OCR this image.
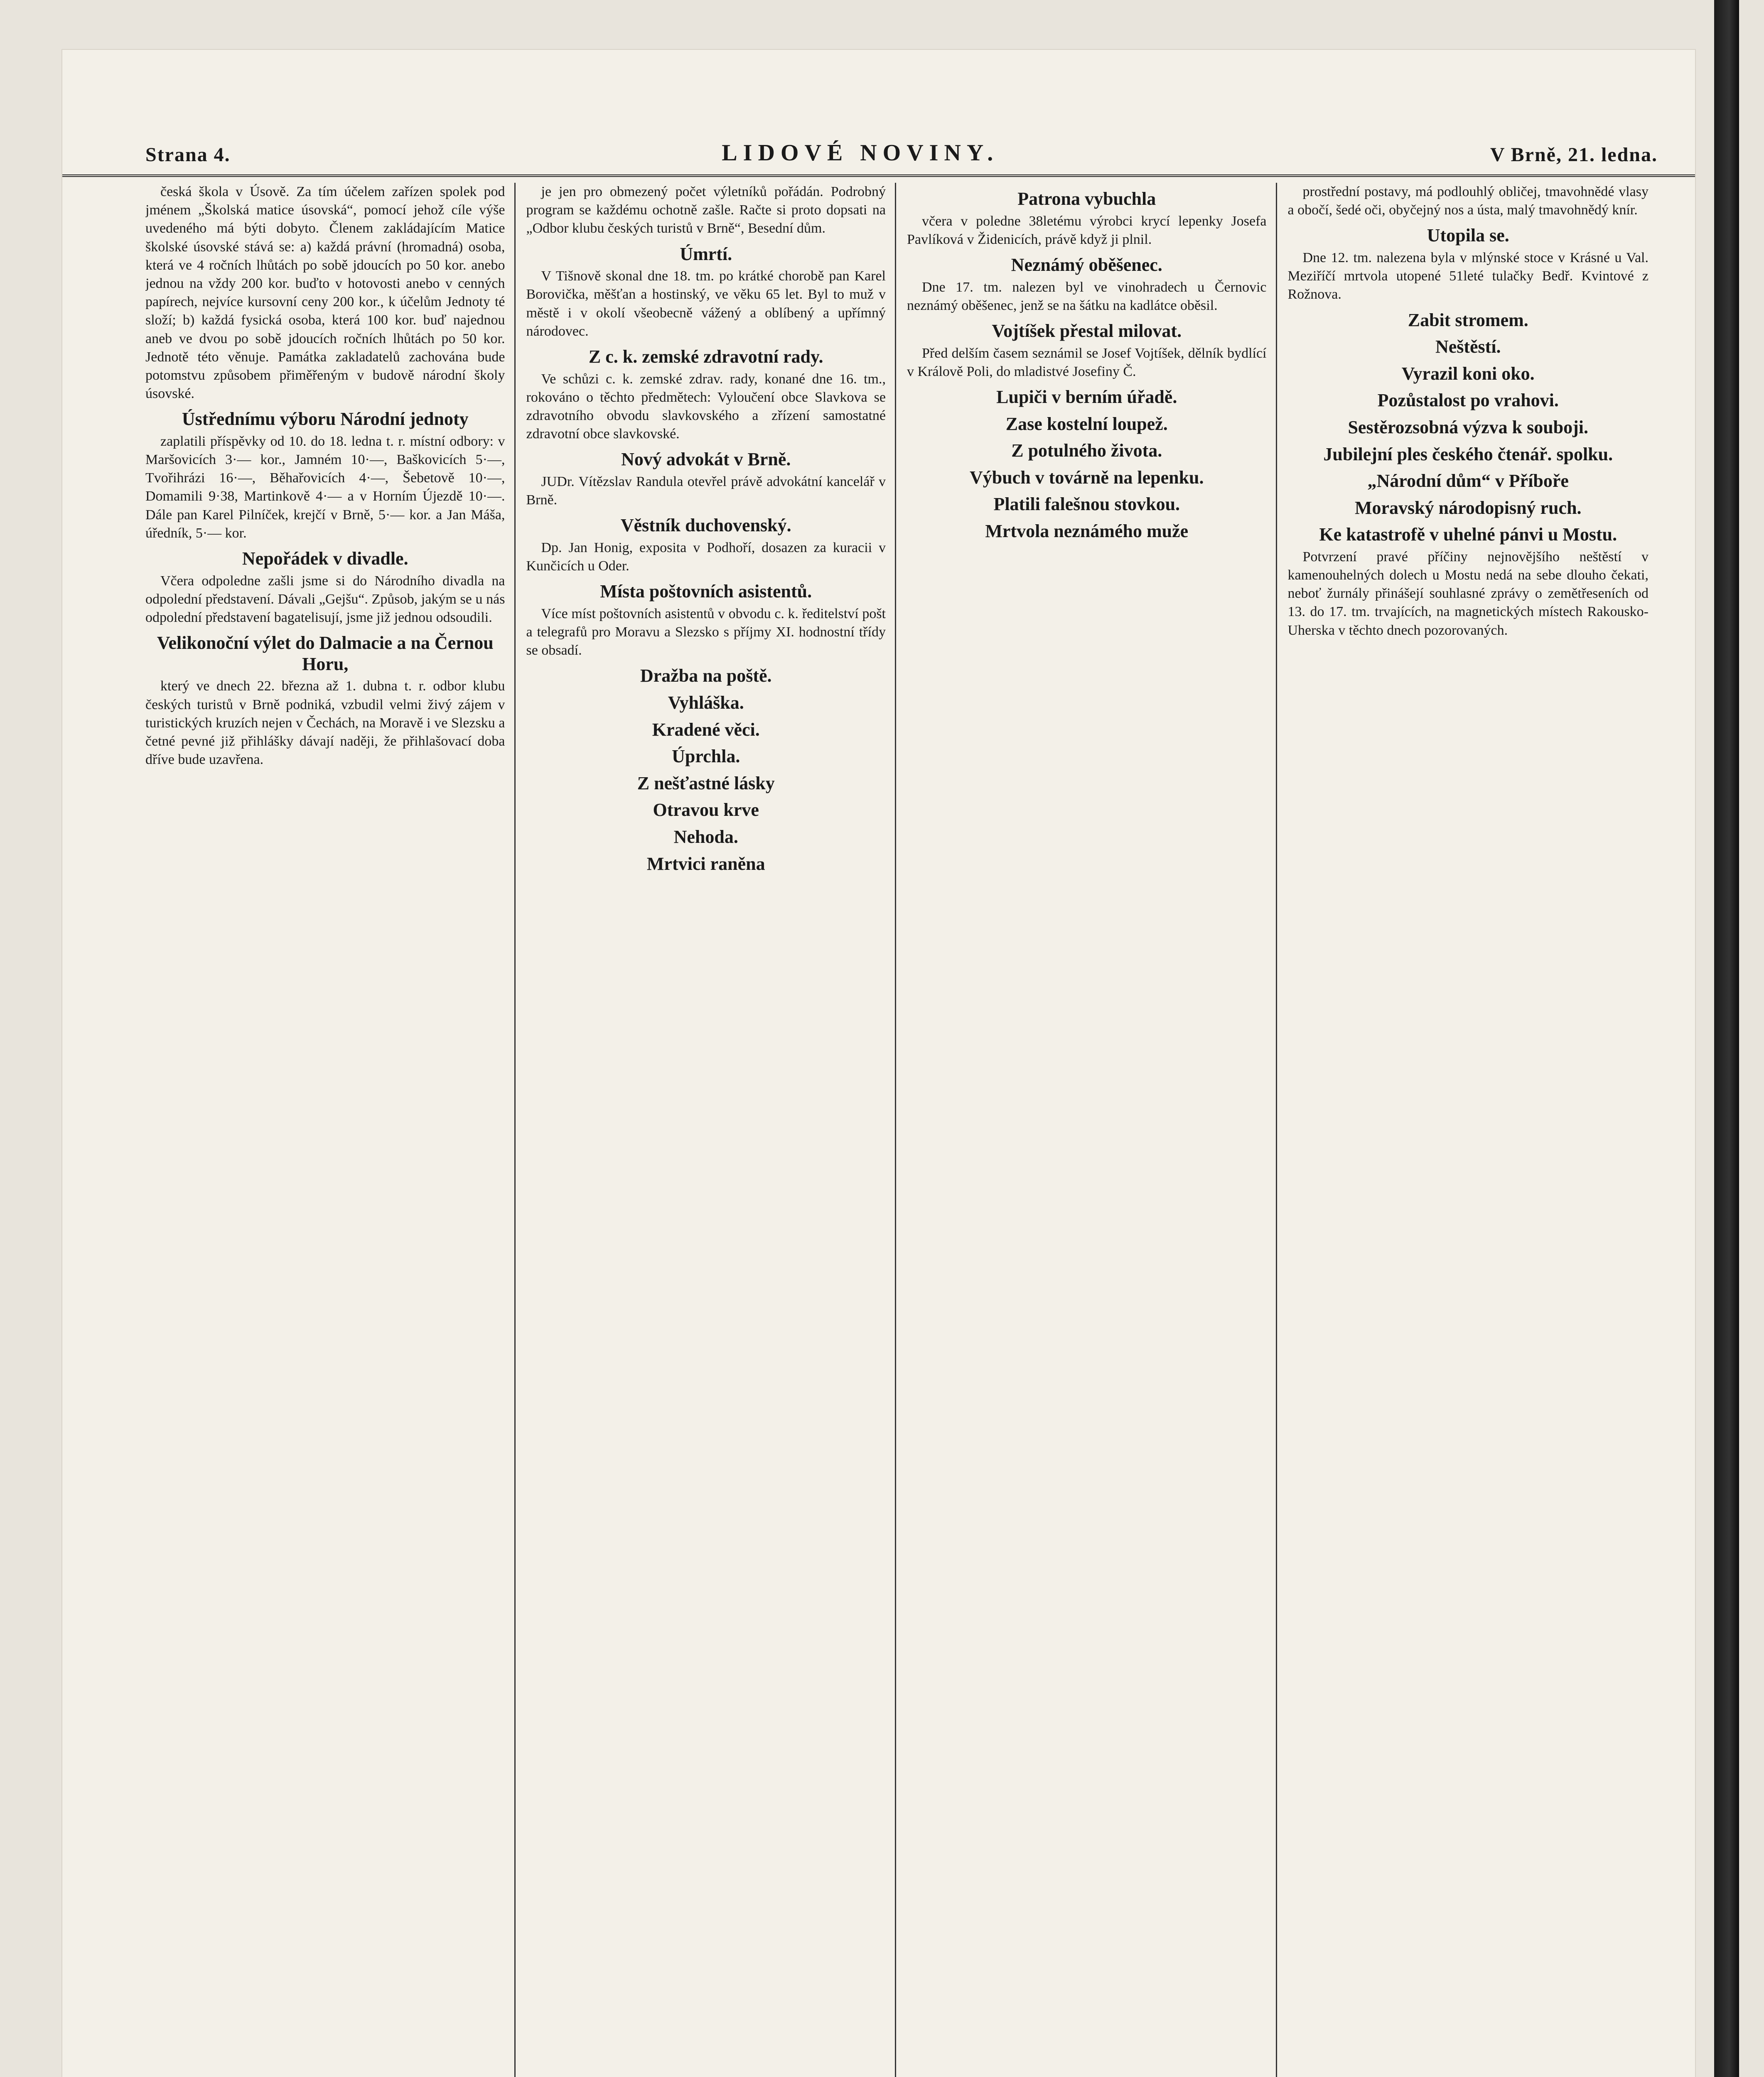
Strana 4.	LIDOVÉ NOVINY.	V Brně, 21. ledna.

česká škola v Úsově. Za tím účelem zařízen spolek pod jménem „Školská matice úsovská“, pomocí jehož cíle výše uvedeného má býti dobyto. Členem zakládajícím Matice školské úsovské stává se: a) každá právní (hromadná) osoba, která ve 4 ročních lhůtách po sobě jdoucích po 50 kor. anebo jednou na vždy 200 kor. buďto v hotovosti anebo v cenných papírech, nejvíce kursovní ceny 200 kor., k účelům Jednoty té složí; b) každá fysická osoba, která 100 kor. buď najednou aneb ve dvou po sobě jdoucích ročních lhůtách po 50 kor. Jednotě této věnuje. Památka zakladatelů zachována bude potomstvu způsobem přiměřeným v budově národní školy úsovské.

Ústřednímu výboru Národní jednoty

zaplatili příspěvky od 10. do 18. ledna t. r. místní odbory: v Maršovicích 3·— kor., Jamném 10·—, Baškovicích 5·—, Tvořihrázi 16·—, Běhařovicích 4·—, Šebetově 10·—, Domamili 9·38, Martinkově 4·— a v Horním Újezdě 10·—. Dále pan Karel Pilníček, krejčí v Brně, 5·— kor. a Jan Máša, úředník, 5·— kor.

Nepořádek v divadle.

Včera odpoledne zašli jsme si do Národního divadla na odpolední představení. Dávali „Gejšu“. Způsob, jakým se u nás odpolední představení bagatelisují, jsme již jednou odsoudili.

Velikonoční výlet do Dalmacie a na Černou Horu,

který ve dnech 22. března až 1. dubna t. r. odbor klubu českých turistů v Brně podniká, vzbudil velmi živý zájem v turistických kruzích nejen v Čechách, na Moravě i ve Slezsku a četné pevné již přihlášky dávají naději, že přihlašovací doba dříve bude uzavřena.

je jen pro obmezený počet výletníků pořádán. Podrobný program se každému ochotně zašle. Račte si proto dopsati na „Odbor klubu českých turistů v Brně“, Besední dům.

Úmrtí.

V Tišnově skonal dne 18. tm. po krátké chorobě pan Karel Borovička, měšťan a hostinský, ve věku 65 let. Byl to muž v městě i v okolí všeobecně vážený a oblíbený a upřímný národovec.

Z c. k. zemské zdravotní rady.

Ve schůzi c. k. zemské zdrav. rady, konané dne 16. tm., rokováno o těchto předmětech: Vyloučení obce Slavkova se zdravotního obvodu slavkovského a zřízení samostatné zdravotní obce slavkovské.

Nový advokát v Brně.

JUDr. Vítězslav Randula otevřel právě advokátní kancelář v Brně.

Věstník duchovenský.

Dp. Jan Honig, exposita v Podhoří, dosazen za kuracii v Kunčicích u Oder.

Místa poštovních asistentů.

Více míst poštovních asistentů v obvodu c. k. ředitelství pošt a telegrafů pro Moravu a Slezsko s příjmy XI. hodnostní třídy se obsadí.

Dražba na poště.
Vyhláška.
Kradené věci.
Úprchla.
Z nešťastné lásky
Otravou krve
Nehoda.
Mrtvici raněna
Patrona vybuchla

včera v poledne 38letému výrobci krycí lepenky Josefa Pavlíková v Židenicích, právě když ji plnil.

Neznámý oběšenec.

Dne 17. tm. nalezen byl ve vinohradech u Černovic neznámý oběšenec, jenž se na šátku na kadlátce oběsil.

Vojtíšek přestal milovat.

Před delším časem seznámil se Josef Vojtíšek, dělník bydlící v Králově Poli, do mladistvé Josefiny Č.

Lupiči v berním úřadě.
Zase kostelní loupež.
Z potulného života.
Výbuch v továrně na lepenku.
Platili falešnou stovkou.
Mrtvola neznámého muže

prostřední postavy, má podlouhlý obličej, tmavohnědé vlasy a obočí, šedé oči, obyčejný nos a ústa, malý tmavohnědý knír.

Utopila se.

Dne 12. tm. nalezena byla v mlýnské stoce v Krásné u Val. Meziříčí mrtvola utopené 51leté tulačky Bedř. Kvintové z Rožnova.

Zabit stromem.
Neštěstí.
Vyrazil koni oko.
Pozůstalost po vrahovi.
Sestěrozsobná výzva k souboji.
Jubilejní ples českého čtenář. spolku.
„Národní dům“ v Příboře
Moravský národopisný ruch.
Ke katastrofě v uhelné pánvi u Mostu.

Potvrzení pravé příčiny nejnovějšího neštěstí v kamenouhelných dolech u Mostu nedá na sebe dlouho čekati, neboť žurnály přinášejí souhlasné zprávy o zemětřeseních od 13. do 17. tm. trvajících, na magnetických místech Rakousko-Uherska v těchto dnech pozorovaných.
